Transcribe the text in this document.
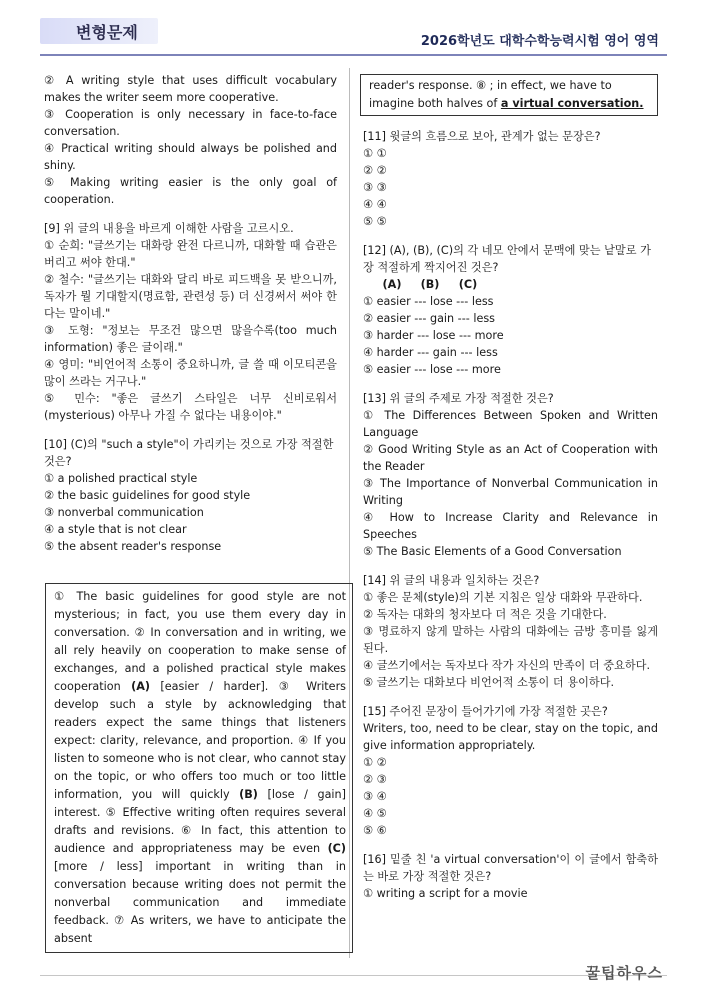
변형문제	2026학년도 대학수학능력시험 영어 영역

② A writing style that uses difficult vocabulary makes the writer seem more cooperative.

③ Cooperation is only necessary in face-to-face conversation.

④ Practical writing should always be polished and shiny.

⑤ Making writing easier is the only goal of cooperation.

[9] 위 글의 내용을 바르게 이해한 사람을 고르시오.

① 순희: "글쓰기는 대화랑 완전 다르니까, 대화할 때 습관은 버리고 써야 한대."

② 철수: "글쓰기는 대화와 달리 바로 피드백을 못 받으니까, 독자가 뭘 기대할지(명료함, 관련성 등) 더 신경써서 써야 한다는 말이네."

③ 도형: "정보는 무조건 많으면 많을수록(too much information) 좋은 글이래."

④ 영미: "비언어적 소통이 중요하니까, 글 쓸 때 이모티콘을 많이 쓰라는 거구나."

⑤ 민수: "좋은 글쓰기 스타일은 너무 신비로워서(mysterious) 아무나 가질 수 없다는 내용이야."

[10] (C)의 "such a style"이 가리키는 것으로 가장 적절한 것은?

① a polished practical style

② the basic guidelines for good style

③ nonverbal communication

④ a style that is not clear

⑤ the absent reader's response

① The basic guidelines for good style are not mysterious; in fact, you use them every day in conversation. ② In conversation and in writing, we all rely heavily on cooperation to make sense of exchanges, and a polished practical style makes cooperation (A) [easier / harder]. ③ Writers develop such a style by acknowledging that readers expect the same things that listeners expect: clarity, relevance, and proportion. ④ If you listen to someone who is not clear, who cannot stay on the topic, or who offers too much or too little information, you will quickly (B) [lose / gain] interest. ⑤ Effective writing often requires several drafts and revisions. ⑥ In fact, this attention to audience and appropriateness may be even (C) [more / less] important in writing than in conversation because writing does not permit the nonverbal communication and immediate feedback. ⑦ As writers, we have to anticipate the absent
reader's response. ⑧ ; in effect, we have to imagine both halves of a virtual conversation.

[11] 윗글의 흐름으로 보아, 관계가 없는 문장은?

① ①

② ②

③ ③

④ ④

⑤ ⑤

[12] (A), (B), (C)의 각 네모 안에서 문맥에 맞는 낱말로 가장 적절하게 짝지어진 것은?

(A) (B) (C)

① easier --- lose --- less

② easier --- gain --- less

③ harder --- lose --- more

④ harder --- gain --- less

⑤ easier --- lose --- more

[13] 위 글의 주제로 가장 적절한 것은?

① The Differences Between Spoken and Written Language

② Good Writing Style as an Act of Cooperation with the Reader

③ The Importance of Nonverbal Communication in Writing

④ How to Increase Clarity and Relevance in Speeches

⑤ The Basic Elements of a Good Conversation

[14] 위 글의 내용과 일치하는 것은?

① 좋은 문체(style)의 기본 지침은 일상 대화와 무관하다.

② 독자는 대화의 청자보다 더 적은 것을 기대한다.

③ 명료하지 않게 말하는 사람의 대화에는 금방 흥미를 잃게 된다.

④ 글쓰기에서는 독자보다 작가 자신의 만족이 더 중요하다.

⑤ 글쓰기는 대화보다 비언어적 소통이 더 용이하다.

[15] 주어진 문장이 들어가기에 가장 적절한 곳은?

Writers, too, need to be clear, stay on the topic, and give information appropriately.

① ②

② ③

③ ④

④ ⑤

⑤ ⑥

[16] 밑줄 친 'a virtual conversation'이 이 글에서 함축하는 바로 가장 적절한 것은?

① writing a script for a movie

꿀팁하우스
